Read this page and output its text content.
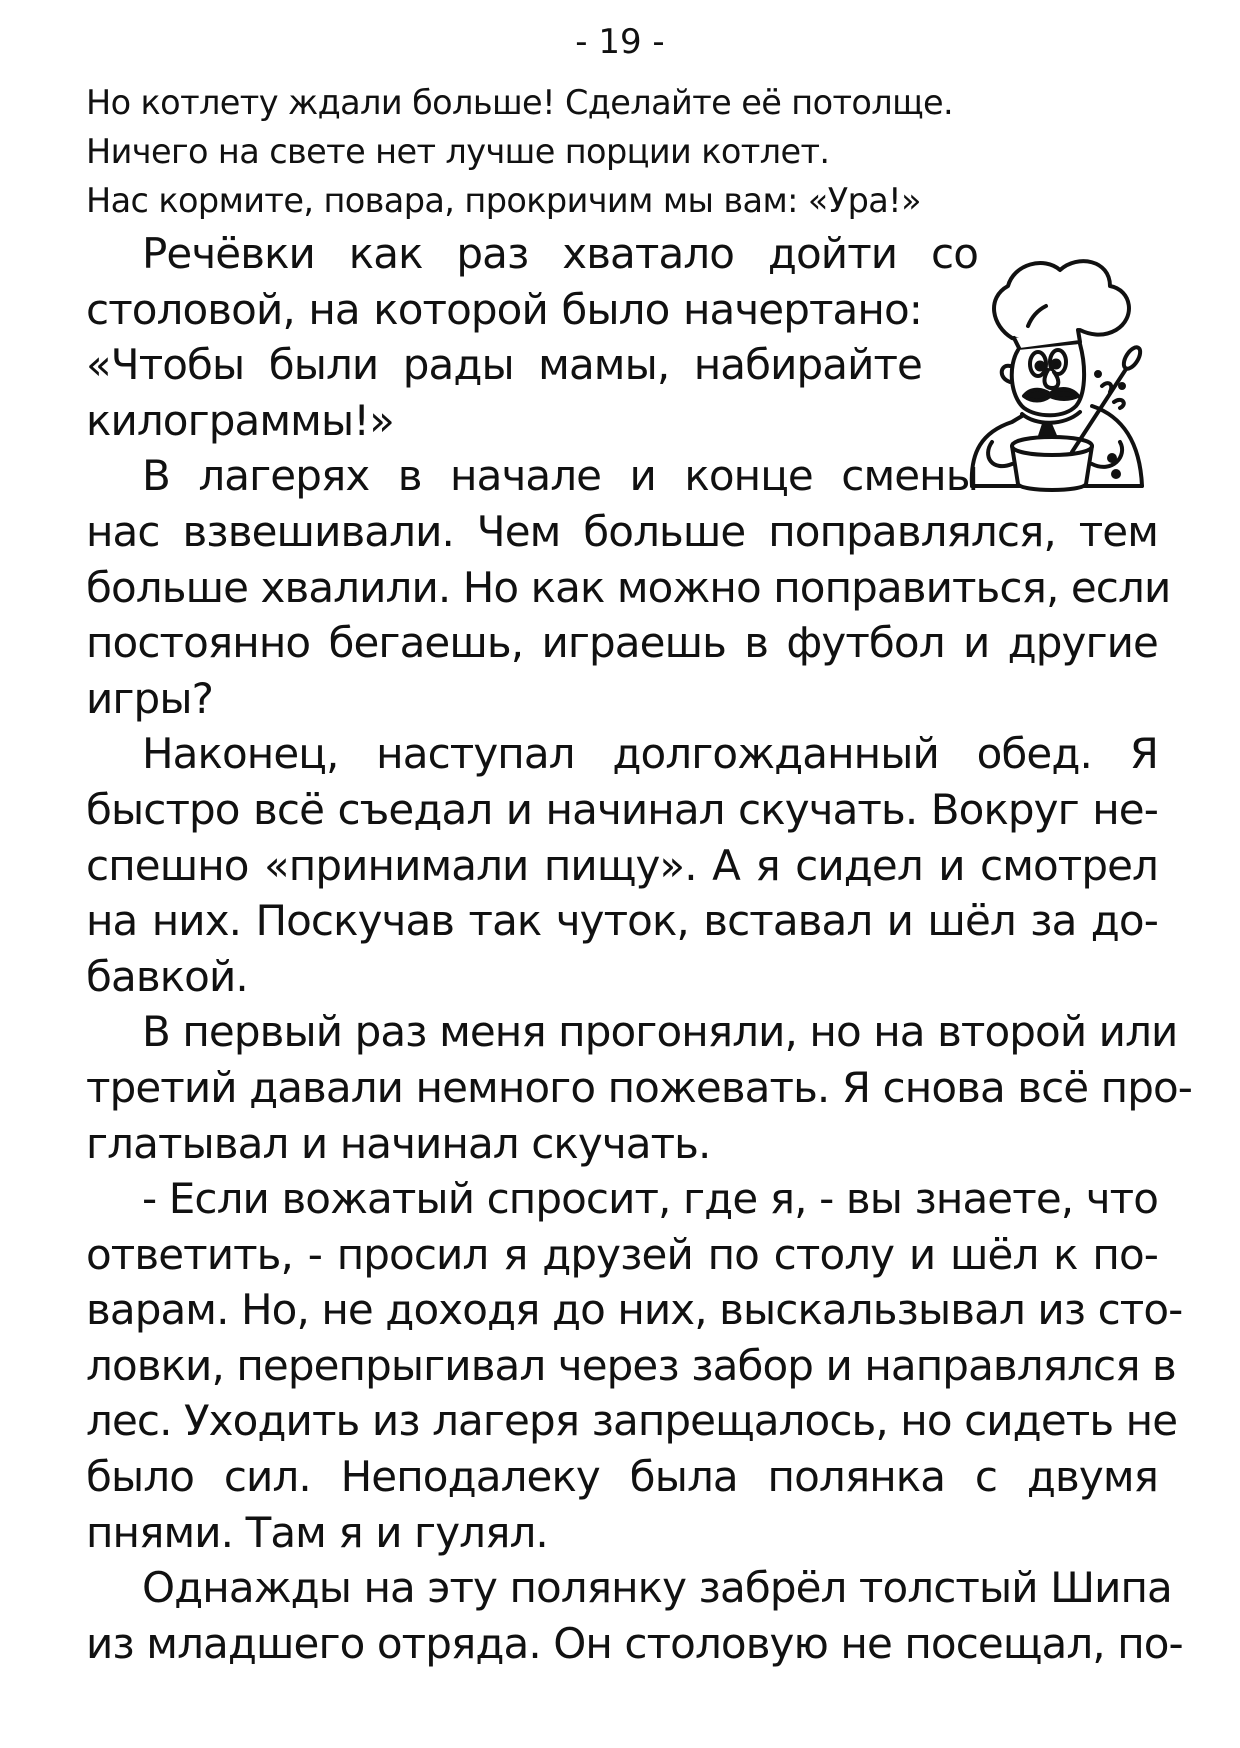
- 19 -
Но котлету ждали больше! Сделайте её потолще.
Ничего на свете нет лучше порции котлет.
Нас кормите, повара, прокричим мы вам: «Ура!»
Речёвки как раз хватало дойти со
столовой, на которой было начертано:
«Чтобы были рады мамы, набирайте
килограммы!»
В лагерях в начале и конце смены
нас взвешивали. Чем больше поправлялся, тем
больше хвалили. Но как можно поправиться, если
постоянно бегаешь, играешь в футбол и другие
игры?
Наконец, наступал долгожданный обед. Я
быстро всё съедал и начинал скучать. Вокруг не-
спешно «принимали пищу». А я сидел и смотрел
на них. Поскучав так чуток, вставал и шёл за до-
бавкой.
В первый раз меня прогоняли, но на второй или
третий давали немного пожевать. Я снова всё про-
глатывал и начинал скучать.
- Если вожатый спросит, где я, - вы знаете, что
ответить, - просил я друзей по столу и шёл к по-
варам. Но, не доходя до них, выскальзывал из сто-
ловки, перепрыгивал через забор и направлялся в
лес. Уходить из лагеря запрещалось, но сидеть не
было сил. Неподалеку была полянка с двумя
пнями. Там я и гулял.
Однажды на эту полянку забрёл толстый Шипа
из младшего отряда. Он столовую не посещал, по-
